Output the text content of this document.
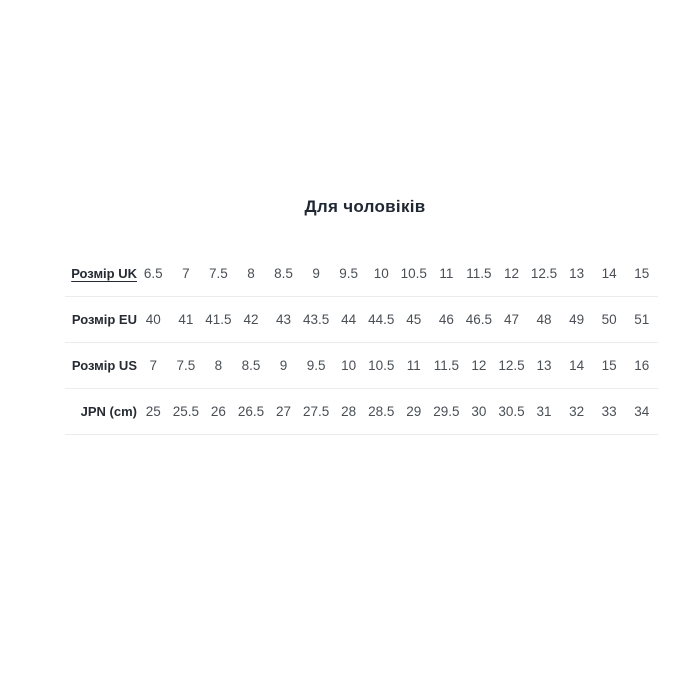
Для чоловіків
Розмір UK 6.5	7	7.5	8	8.5	9	9.5	10 10.5 11 11.5 12 12.5 13	14	15
Розмір EU 40	41 41.5 42	43 43.5 44 44.5 45	46 46.5 47	48	49	50	51
Розмір US 7	7.5	8	8.5	9	9.5	10 10.5 11 11.5 12 12.5 13	14	15	16
JPN (cm) 25 25.5 26 26.5 27 27.5 28 28.5 29 29.5 30 30.5 31	32	33	34
